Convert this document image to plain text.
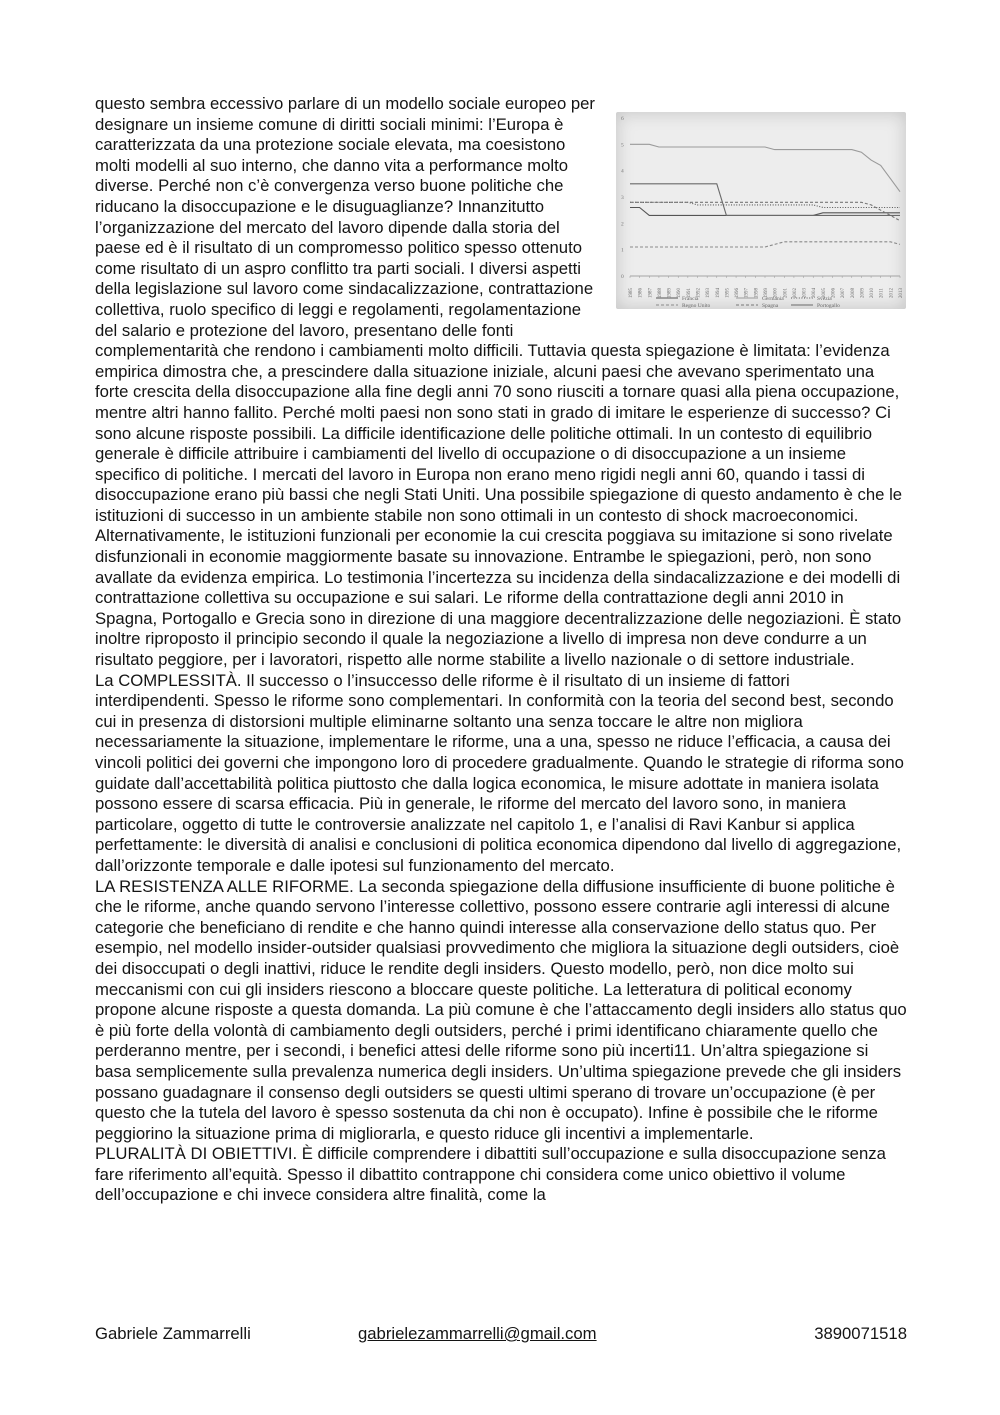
questo sembra eccessivo parlare di un modello sociale europeo per designare un insieme comune di diritti sociali minimi: l’Europa è caratterizzata da una protezione sociale elevata, ma coesistono molti modelli al suo interno, che danno vita a performance molto diverse. Perché non c’è convergenza verso buone politiche che riducano la disoccupazione e le disuguaglianze? Innanzitutto l’organizzazione del mercato del lavoro dipende dalla storia del paese ed è il risultato di un compromesso politico spesso ottenuto come risultato di un aspro conflitto tra parti sociali. I diversi aspetti della legislazione sul lavoro come sindacalizzazione, contrattazione collettiva, ruolo specifico di leggi e regolamenti, regolamentazione del salario e protezione del lavoro, presentano delle fonti complementarità che rendono i cambiamenti molto difficili. Tuttavia questa spiegazione è limitata: l’evidenza empirica dimostra che, a prescindere dalla situazione iniziale, alcuni paesi che avevano sperimentato una forte crescita della disoccupazione alla fine degli anni 70 sono riusciti a tornare quasi alla piena occupazione, mentre altri hanno fallito. Perché molti paesi non sono stati in grado di imitare le esperienze di successo? Ci sono alcune risposte possibili. La difficile identificazione delle politiche ottimali. In un contesto di equilibrio generale è difficile attribuire i cambiamenti del livello di occupazione o di disoccupazione a un insieme specifico di politiche. I mercati del lavoro in Europa non erano meno rigidi negli anni 60, quando i tassi di disoccupazione erano più bassi che negli Stati Uniti. Una possibile spiegazione di questo andamento è che le istituzioni di successo in un ambiente stabile non sono ottimali in un contesto di shock macroeconomici. Alternativamente, le istituzioni funzionali per economie la cui crescita poggiava su imitazione si sono rivelate disfunzionali in economie maggiormente basate su innovazione. Entrambe le spiegazioni, però, non sono avallate da evidenza empirica. Lo testimonia l’incertezza su incidenza della sindacalizzazione e dei modelli di contrattazione collettiva su occupazione e sui salari. Le riforme della contrattazione degli anni 2010 in Spagna, Portogallo e Grecia sono in direzione di una maggiore decentralizzazione delle negoziazioni. È stato inoltre riproposto il principio secondo il quale la negoziazione a livello di impresa non deve condurre a un risultato peggiore, per i lavoratori, rispetto alle norme stabilite a livello nazionale o di settore industriale.

La COMPLESSITÀ. Il successo o l’insuccesso delle riforme è il risultato di un insieme di fattori interdipendenti. Spesso le riforme sono complementari. In conformità con la teoria del second best, secondo cui in presenza di distorsioni multiple eliminarne soltanto una senza toccare le altre non migliora necessariamente la situazione, implementare le riforme, una a una, spesso ne riduce l’efficacia, a causa dei vincoli politici dei governi che impongono loro di procedere gradualmente. Quando le strategie di riforma sono guidate dall’accettabilità politica piuttosto che dalla logica economica, le misure adottate in maniera isolata possono essere di scarsa efficacia. Più in generale, le riforme del mercato del lavoro sono, in maniera particolare, oggetto di tutte le controversie analizzate nel capitolo 1, e l’analisi di Ravi Kanbur si applica perfettamente: le diversità di analisi e conclusioni di politica economica dipendono dal livello di aggregazione, dall’orizzonte temporale e dalle ipotesi sul funzionamento del mercato.

LA RESISTENZA ALLE RIFORME. La seconda spiegazione della diffusione insufficiente di buone politiche è che le riforme, anche quando servono l’interesse collettivo, possono essere contrarie agli interessi di alcune categorie che beneficiano di rendite e che hanno quindi interesse alla conservazione dello status quo. Per esempio, nel modello insider-outsider qualsiasi provvedimento che migliora la situazione degli outsiders, cioè dei disoccupati o degli inattivi, riduce le rendite degli insiders. Questo modello, però, non dice molto sui meccanismi con cui gli insiders riescono a bloccare queste politiche. La letteratura di political economy propone alcune risposte a questa domanda. La più comune è che l’attaccamento degli insiders allo status quo è più forte della volontà di cambiamento degli outsiders, perché i primi identificano chiaramente quello che perderanno mentre, per i secondi, i benefici attesi delle riforme sono più incerti11. Un’altra spiegazione si basa semplicemente sulla prevalenza numerica degli insiders. Un’ultima spiegazione prevede che gli insiders possano guadagnare il consenso degli outsiders se questi ultimi sperano di trovare un’occupazione (è per questo che la tutela del lavoro è spesso sostenuta da chi non è occupato). Infine è possibile che le riforme peggiorino la situazione prima di migliorarla, e questo riduce gli incentivi a implementarle.

PLURALITÀ DI OBIETTIVI. È difficile comprendere i dibattiti sull’occupazione e sulla disoccupazione senza fare riferimento all’equità. Spesso il dibattito contrappone chi considera come unico obiettivo il volume dell’occupazione e chi invece considera altre finalità, come la

0
1
2
3
4
5
6
1985 1986 1987 1988 1989 1990 1991 1992 1993 1994 1995 1996 1997 1998 1999 2000 2001 2002 2003 2004 2005 2006 2007 2008 2009 2010 2011 2012 2013
Francia	Germania	Svezia
Regno Unito	Spagna	Portogallo
Gabriele Zammarrelli	gabrielezammarrelli@gmail.com	3890071518
